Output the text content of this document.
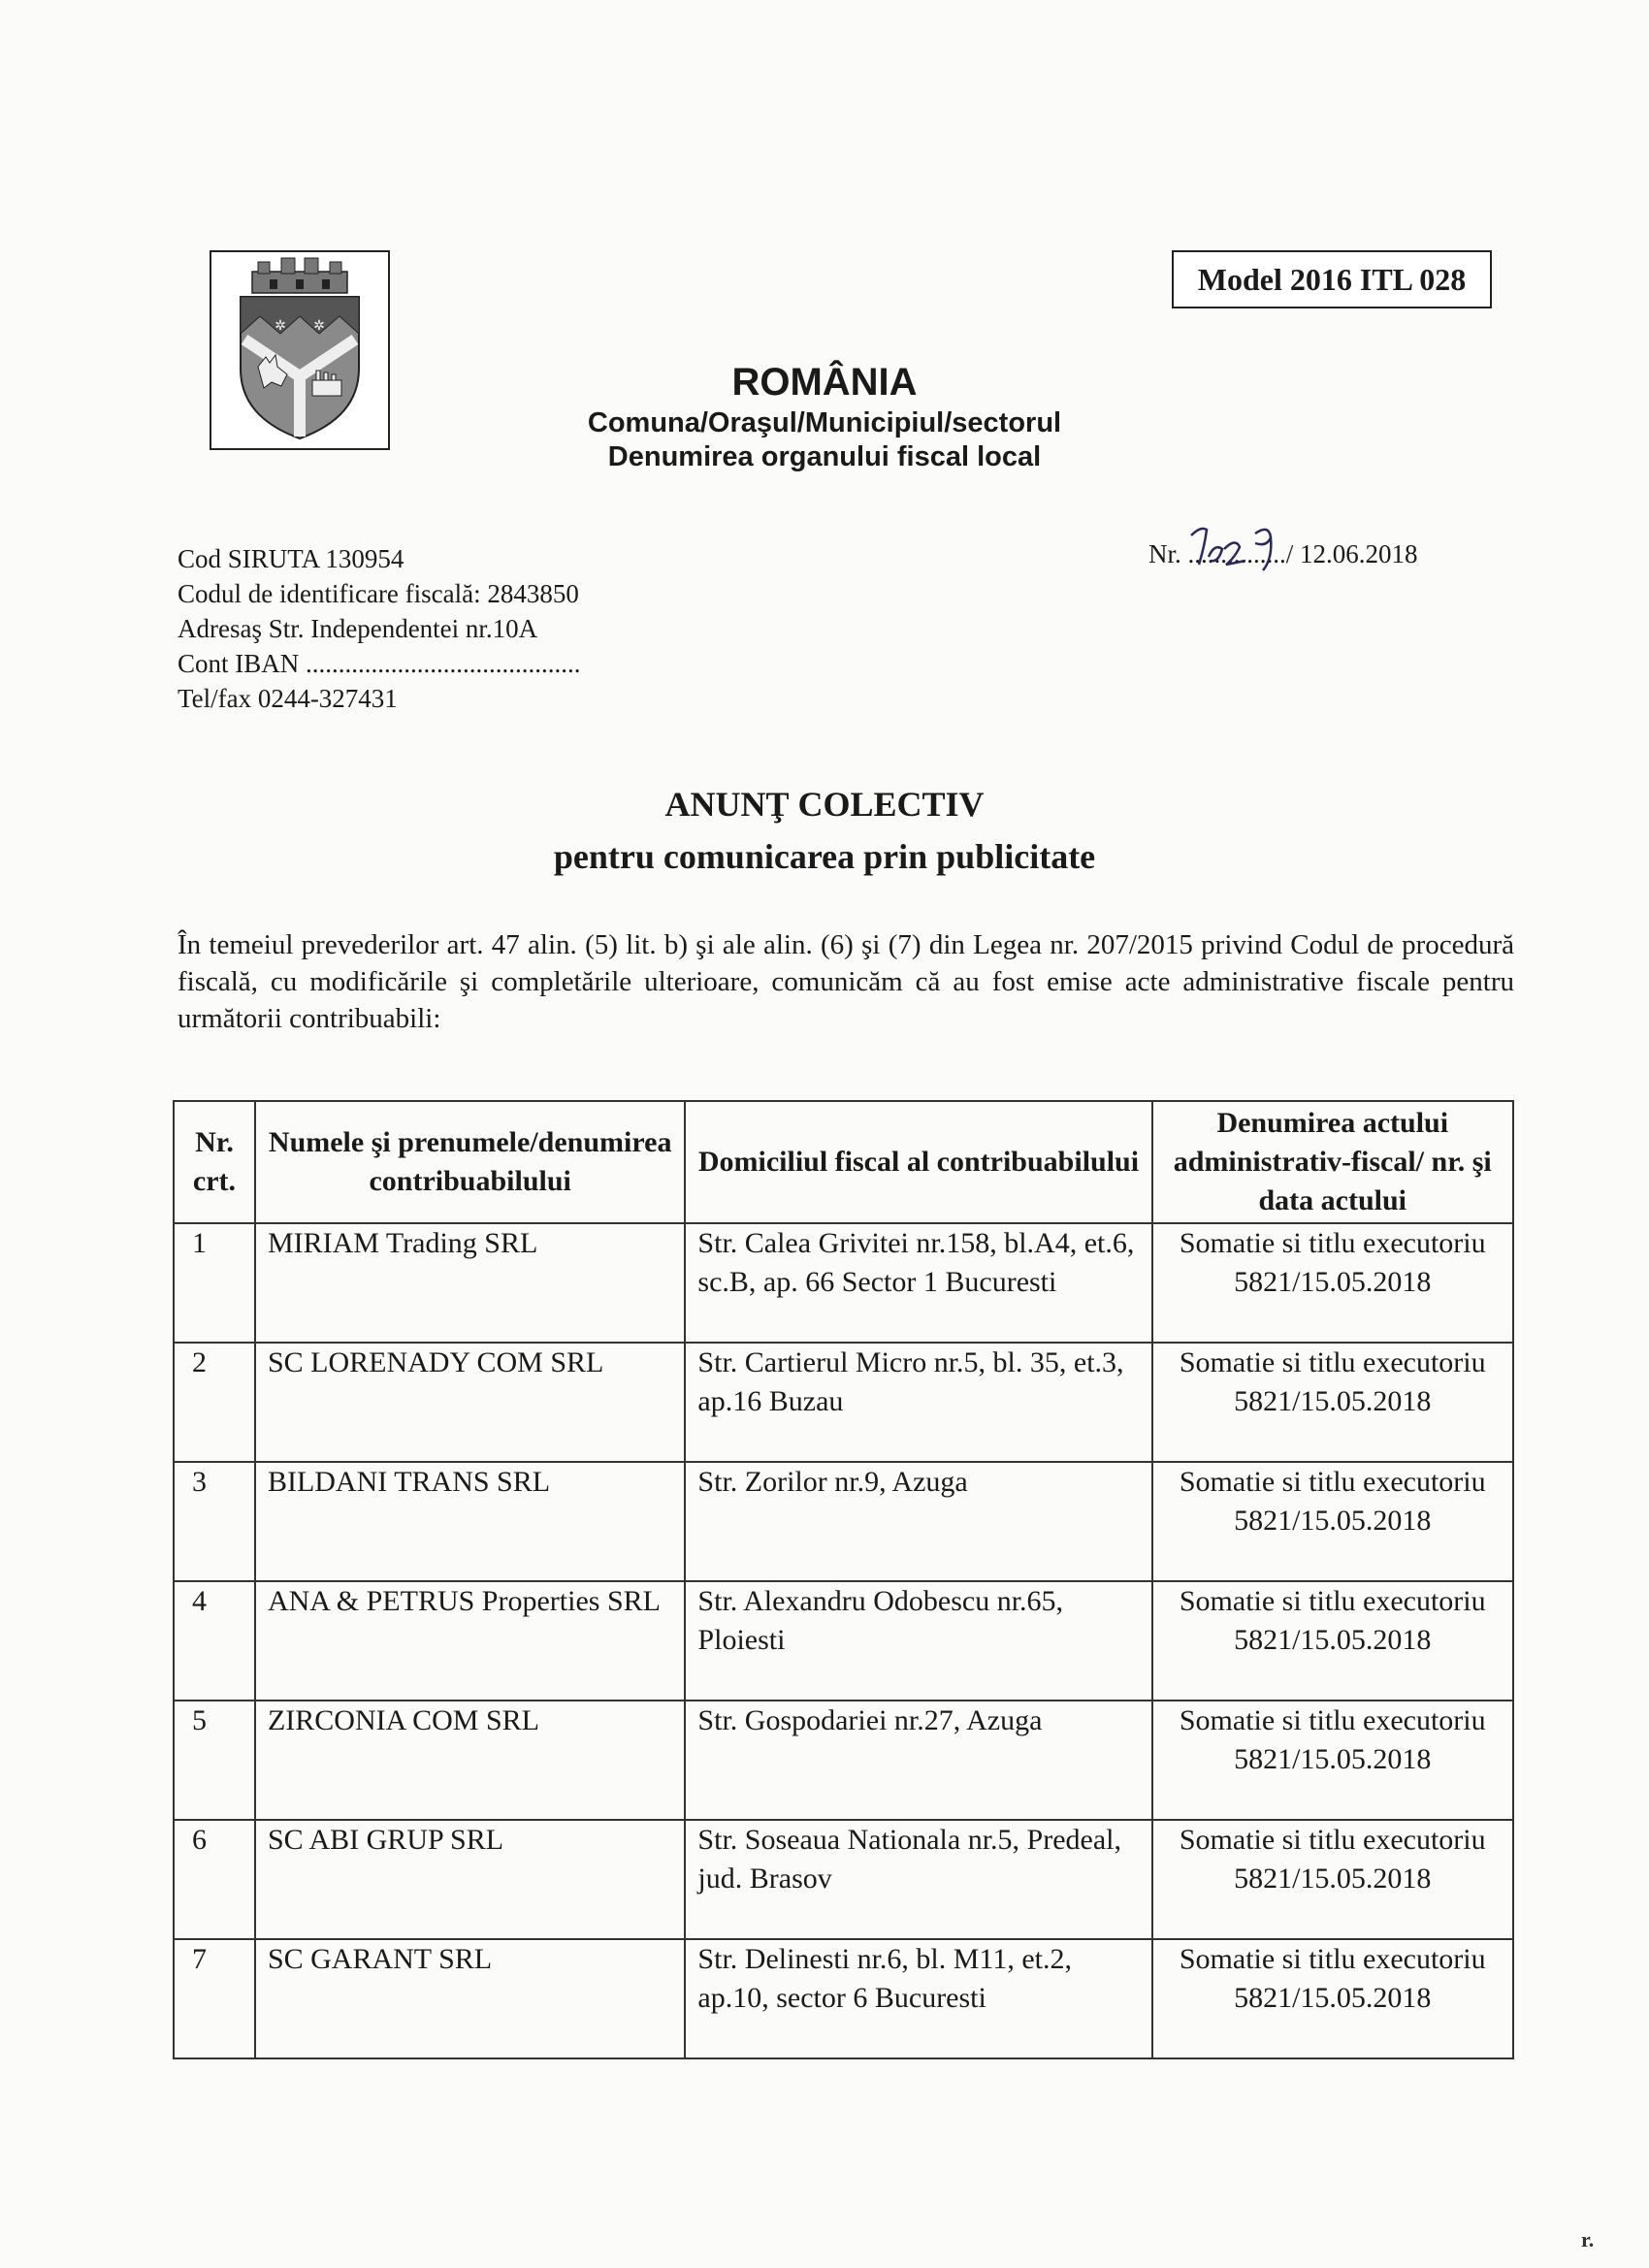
✲ ✲
Model 2016 ITL 028
ROMÂNIA
Comuna/Oraşul/Municipiul/sectorul
Denumirea organului fiscal local
Cod SIRUTA 130954
Codul de identificare fiscală: 2843850
Adresaş Str. Independentei nr.10A
Cont IBAN ..........................................
Tel/fax 0244-327431
Nr. .............../ 12.06.2018
ANUNŢ COLECTIV
pentru comunicarea prin publicitate
În temeiul prevederilor art. 47 alin. (5) lit. b) şi ale alin. (6) şi (7) din Legea nr. 207/2015 privind Codul de procedură fiscală, cu modificările şi completările ulterioare, comunicăm că au fost emise acte administrative fiscale pentru următorii contribuabili:
Nr. crt.	Numele şi prenumele/denumirea contribuabilului	Domiciliul fiscal al contribuabilului	Denumirea actului administrativ-fiscal/ nr. şi data actului
1	MIRIAM Trading SRL	Str. Calea Grivitei nr.158, bl.A4, et.6, sc.B, ap. 66 Sector 1 Bucuresti	Somatie si titlu executoriu 5821/15.05.2018
2	SC LORENADY COM SRL	Str. Cartierul Micro nr.5, bl. 35, et.3, ap.16 Buzau	Somatie si titlu executoriu 5821/15.05.2018
3	BILDANI TRANS SRL	Str. Zorilor nr.9, Azuga	Somatie si titlu executoriu 5821/15.05.2018
4	ANA & PETRUS Properties SRL	Str. Alexandru Odobescu nr.65, Ploiesti	Somatie si titlu executoriu 5821/15.05.2018
5	ZIRCONIA COM SRL	Str. Gospodariei nr.27, Azuga	Somatie si titlu executoriu 5821/15.05.2018
6	SC ABI GRUP SRL	Str. Soseaua Nationala nr.5, Predeal, jud. Brasov	Somatie si titlu executoriu 5821/15.05.2018
7	SC GARANT SRL	Str. Delinesti nr.6, bl. M11, et.2, ap.10, sector 6 Bucuresti	Somatie si titlu executoriu 5821/15.05.2018
r.
